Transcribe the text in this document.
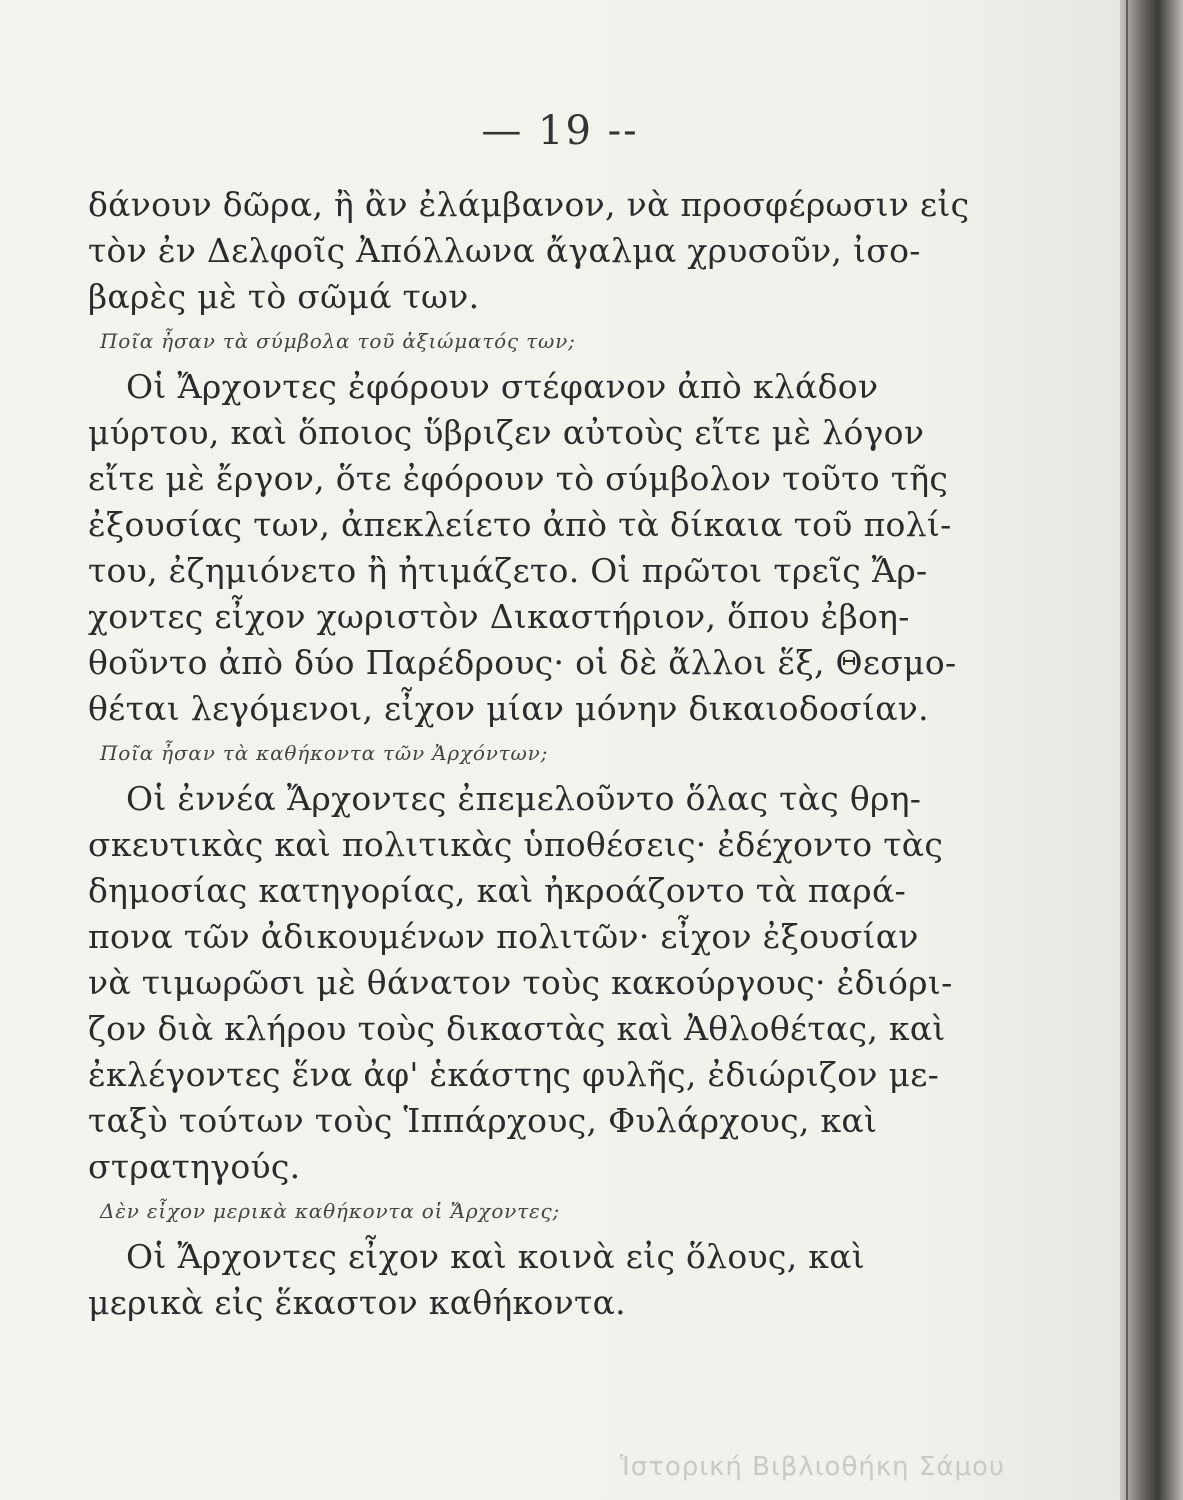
— 19 --
δάνουν δῶρα, ἢ ἂν ἐλάμβανον, νὰ προσφέρωσιν εἰς
τὸν ἐν Δελφοῖς Ἀπόλλωνα ἄγαλμα χρυσοῦν, ἰσο-
βαρὲς μὲ τὸ σῶμά των.
Ποῖα ἦσαν τὰ σύμβολα τοῦ ἀξιώματός των;
Οἱ Ἄρχοντες ἐφόρουν στέφανον ἀπὸ κλάδον
μύρτου, καὶ ὅποιος ὕβριζεν αὐτοὺς εἴτε μὲ λόγον
εἴτε μὲ ἔργον, ὅτε ἐφόρουν τὸ σύμβολον τοῦτο τῆς
ἐξουσίας των, ἀπεκλείετο ἀπὸ τὰ δίκαια τοῦ πολί-
του, ἐζημιόνετο ἢ ἠτιμάζετο. Οἱ πρῶτοι τρεῖς Ἄρ-
χοντες εἶχον χωριστὸν Δικαστήριον, ὅπου ἐβοη-
θοῦντο ἀπὸ δύο Παρέδρους· οἱ δὲ ἄλλοι ἕξ, Θεσμο-
θέται λεγόμενοι, εἶχον μίαν μόνην δικαιοδοσίαν.
Ποῖα ἦσαν τὰ καθήκοντα τῶν Ἀρχόντων;
Οἱ ἐννέα Ἄρχοντες ἐπεμελοῦντο ὅλας τὰς θρη-
σκευτικὰς καὶ πολιτικὰς ὑποθέσεις· ἐδέχοντο τὰς
δημοσίας κατηγορίας, καὶ ἠκροάζοντο τὰ παρά-
πονα τῶν ἀδικουμένων πολιτῶν· εἶχον ἐξουσίαν
νὰ τιμωρῶσι μὲ θάνατον τοὺς κακούργους· ἐδιόρι-
ζον διὰ κλήρου τοὺς δικαστὰς καὶ Ἀθλοθέτας, καὶ
ἐκλέγοντες ἕνα ἀφ' ἑκάστης φυλῆς, ἐδιώριζον με-
ταξὺ τούτων τοὺς Ἱππάρχους, Φυλάρχους, καὶ
στρατηγούς.
Δὲν εἶχον μερικὰ καθήκοντα οἱ Ἄρχοντες;
Οἱ Ἄρχοντες εἶχον καὶ κοινὰ εἰς ὅλους, καὶ
μερικὰ εἰς ἕκαστον καθήκοντα.
Ἱστορική Βιβλιοθήκη Σάμου
